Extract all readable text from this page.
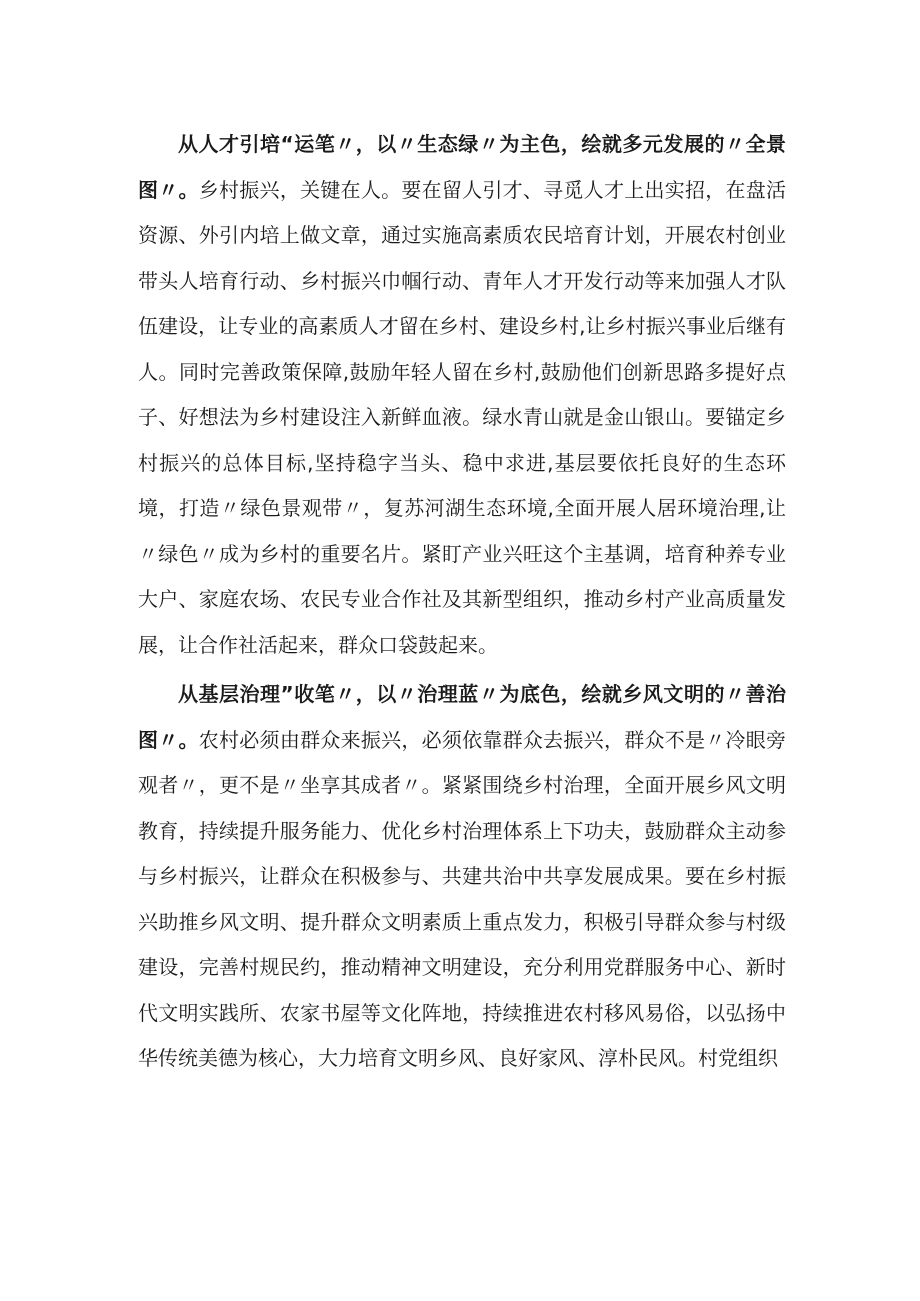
从人才引培“运笔〃，以〃生态绿〃为主色，绘就多元发展的〃全景图〃。乡村振兴，关键在人。要在留人引才、寻觅人才上出实招，在盘活资源、外引内培上做文章，通过实施高素质农民培育计划，开展农村创业带头人培育行动、乡村振兴巾帼行动、青年人才开发行动等来加强人才队伍建设，让专业的高素质人才留在乡村、建设乡村,让乡村振兴事业后继有人。同时完善政策保障,鼓励年轻人留在乡村,鼓励他们创新思路多提好点子、好想法为乡村建设注入新鲜血液。绿水青山就是金山银山。要锚定乡村振兴的总体目标,坚持稳字当头、稳中求进,基层要依托良好的生态环境，打造〃绿色景观带〃，复苏河湖生态环境,全面开展人居环境治理,让〃绿色〃成为乡村的重要名片。紧盯产业兴旺这个主基调，培育种养专业大户、家庭农场、农民专业合作社及其新型组织，推动乡村产业高质量发展，让合作社活起来，群众口袋鼓起来。

从基层治理”收笔〃，以〃治理蓝〃为底色，绘就乡风文明的〃善治图〃。农村必须由群众来振兴，必须依靠群众去振兴，群众不是〃冷眼旁观者〃，更不是〃坐享其成者〃。紧紧围绕乡村治理，全面开展乡风文明教育，持续提升服务能力、优化乡村治理体系上下功夫，鼓励群众主动参与乡村振兴，让群众在积极参与、共建共治中共享发展成果。要在乡村振兴助推乡风文明、提升群众文明素质上重点发力，积极引导群众参与村级建设，完善村规民约，推动精神文明建设，充分利用党群服务中心、新时代文明实践所、农家书屋等文化阵地，持续推进农村移风易俗，以弘扬中华传统美德为核心，大力培育文明乡风、良好家风、淳朴民风。村党组织
